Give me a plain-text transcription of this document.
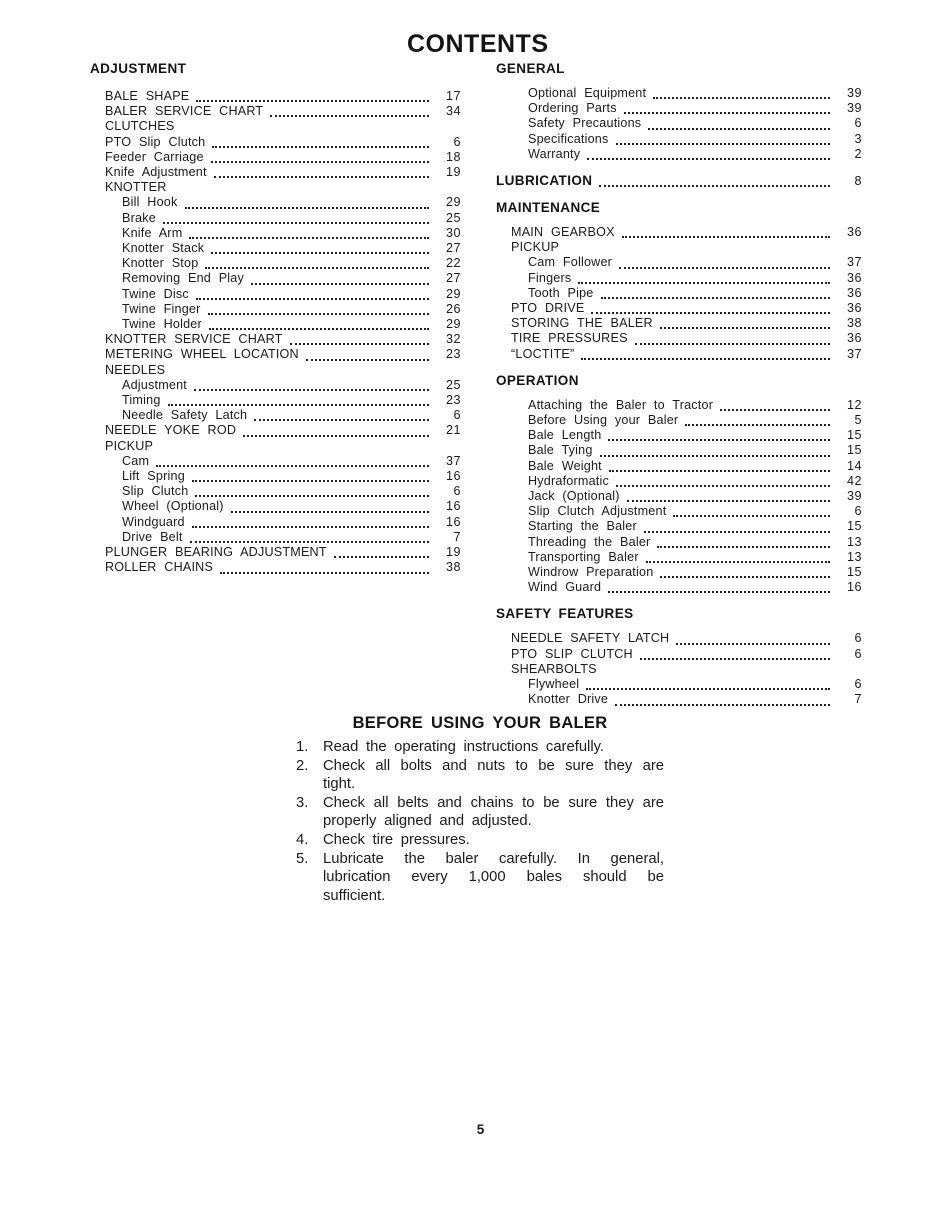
CONTENTS
ADJUSTMENT
BALE SHAPE	17
BALER SERVICE CHART	34
CLUTCHES
PTO Slip Clutch	6
Feeder Carriage	18
Knife Adjustment	19
KNOTTER
Bill Hook	29
Brake	25
Knife Arm	30
Knotter Stack	27
Knotter Stop	22
Removing End Play	27
Twine Disc	29
Twine Finger	26
Twine Holder	29
KNOTTER SERVICE CHART	32
METERING WHEEL LOCATION	23
NEEDLES
Adjustment	25
Timing	23
Needle Safety Latch	6
NEEDLE YOKE ROD	21
PICKUP
Cam	37
Lift Spring	16
Slip Clutch	6
Wheel (Optional)	16
Windguard	16
Drive Belt	7
PLUNGER BEARING ADJUSTMENT	19
ROLLER CHAINS	38
GENERAL
Optional Equipment	39
Ordering Parts	39
Safety Precautions	6
Specifications	3
Warranty	2
LUBRICATION	8
MAINTENANCE
MAIN GEARBOX	36
PICKUP
Cam Follower	37
Fingers	36
Tooth Pipe	36
PTO DRIVE	36
STORING THE BALER	38
TIRE PRESSURES	36
“LOCTITE”	37
OPERATION
Attaching the Baler to Tractor	12
Before Using your Baler	5
Bale Length	15
Bale Tying	15
Bale Weight	14
Hydraformatic	42
Jack (Optional)	39
Slip Clutch Adjustment	6
Starting the Baler	15
Threading the Baler	13
Transporting Baler	13
Windrow Preparation	15
Wind Guard	16
SAFETY FEATURES
NEEDLE SAFETY LATCH	6
PTO SLIP CLUTCH	6
SHEARBOLTS
Flywheel	6
Knotter Drive	7
BEFORE USING YOUR BALER
1. Read the operating instructions carefully.
2. Check all bolts and nuts to be sure they are tight.
3. Check all belts and chains to be sure they are properly aligned and adjusted.
4. Check tire pressures.
5. Lubricate the baler carefully. In general, lubrication every 1,000 bales should be sufficient.
5
